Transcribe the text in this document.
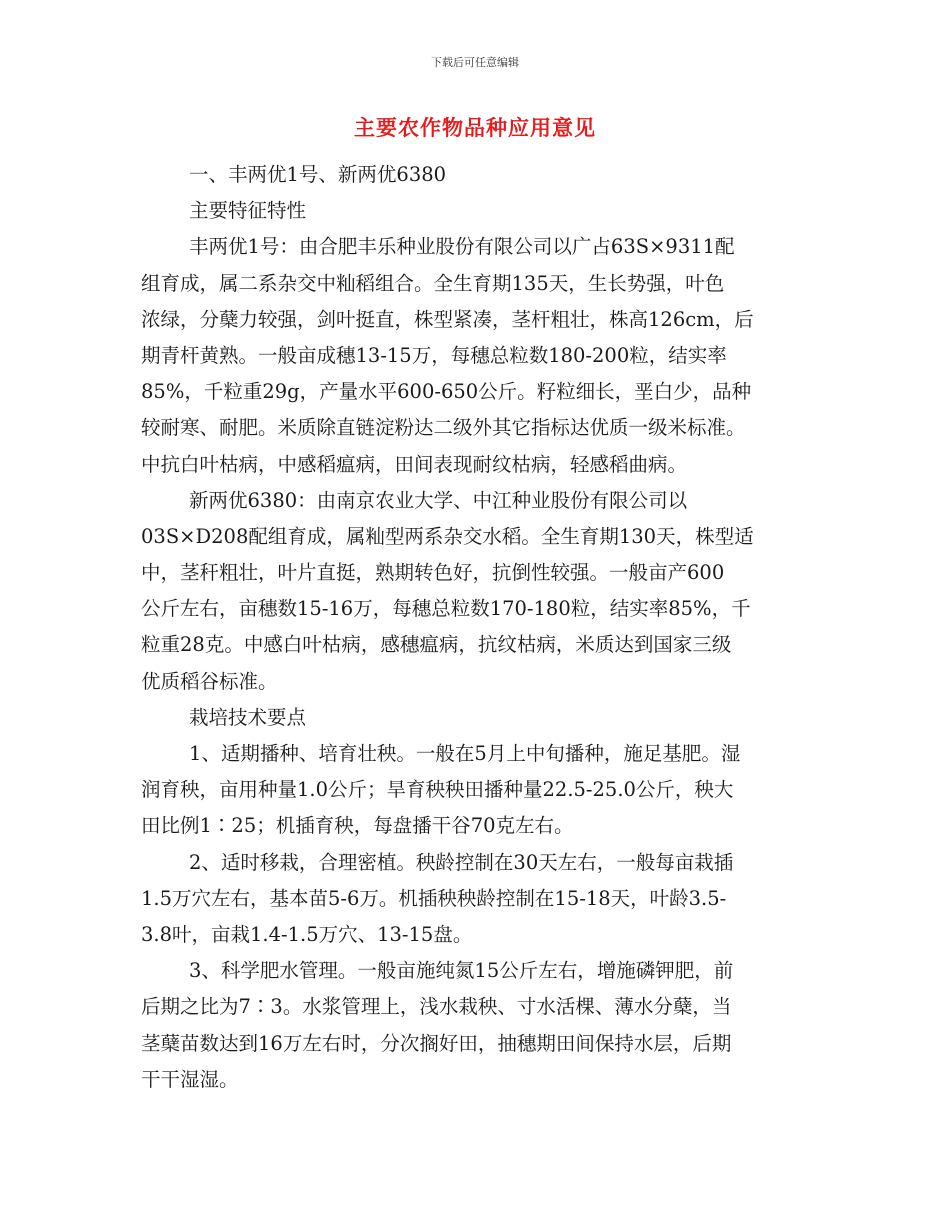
下载后可任意编辑
主要农作物品种应用意见
一、丰两优1号、新两优6380
主要特征特性
丰两优1号：由合肥丰乐种业股份有限公司以广占63S×9311配
组育成，属二系杂交中籼稻组合。全生育期135天，生长势强，叶色
浓绿，分蘖力较强，剑叶挺直，株型紧凑，茎杆粗壮，株高126cm，后
期青杆黄熟。一般亩成穗13-15万，每穗总粒数180-200粒，结实率
85%，千粒重29g，产量水平600-650公斤。籽粒细长，垩白少，品种
较耐寒、耐肥。米质除直链淀粉达二级外其它指标达优质一级米标准。
中抗白叶枯病，中感稻瘟病，田间表现耐纹枯病，轻感稻曲病。
新两优6380：由南京农业大学、中江种业股份有限公司以
03S×D208配组育成，属籼型两系杂交水稻。全生育期130天，株型适
中，茎秆粗壮，叶片直挺，熟期转色好，抗倒性较强。一般亩产600
公斤左右，亩穗数15-16万，每穗总粒数170-180粒，结实率85%，千
粒重28克。中感白叶枯病，感穗瘟病，抗纹枯病，米质达到国家三级
优质稻谷标准。
栽培技术要点
1、适期播种、培育壮秧。一般在5月上中旬播种，施足基肥。湿
润育秧，亩用种量1.0公斤；旱育秧秧田播种量22.5-25.0公斤，秧大
田比例1∶25；机插育秧，每盘播干谷70克左右。
2、适时移栽，合理密植。秧龄控制在30天左右，一般每亩栽插
1.5万穴左右，基本苗5-6万。机插秧秧龄控制在15-18天，叶龄3.5-
3.8叶，亩栽1.4-1.5万穴、13-15盘。
3、科学肥水管理。一般亩施纯氮15公斤左右，增施磷钾肥，前
后期之比为7∶3。水浆管理上，浅水栽秧、寸水活棵、薄水分蘖，当
茎蘖苗数达到16万左右时，分次搁好田，抽穗期田间保持水层，后期
干干湿湿。
